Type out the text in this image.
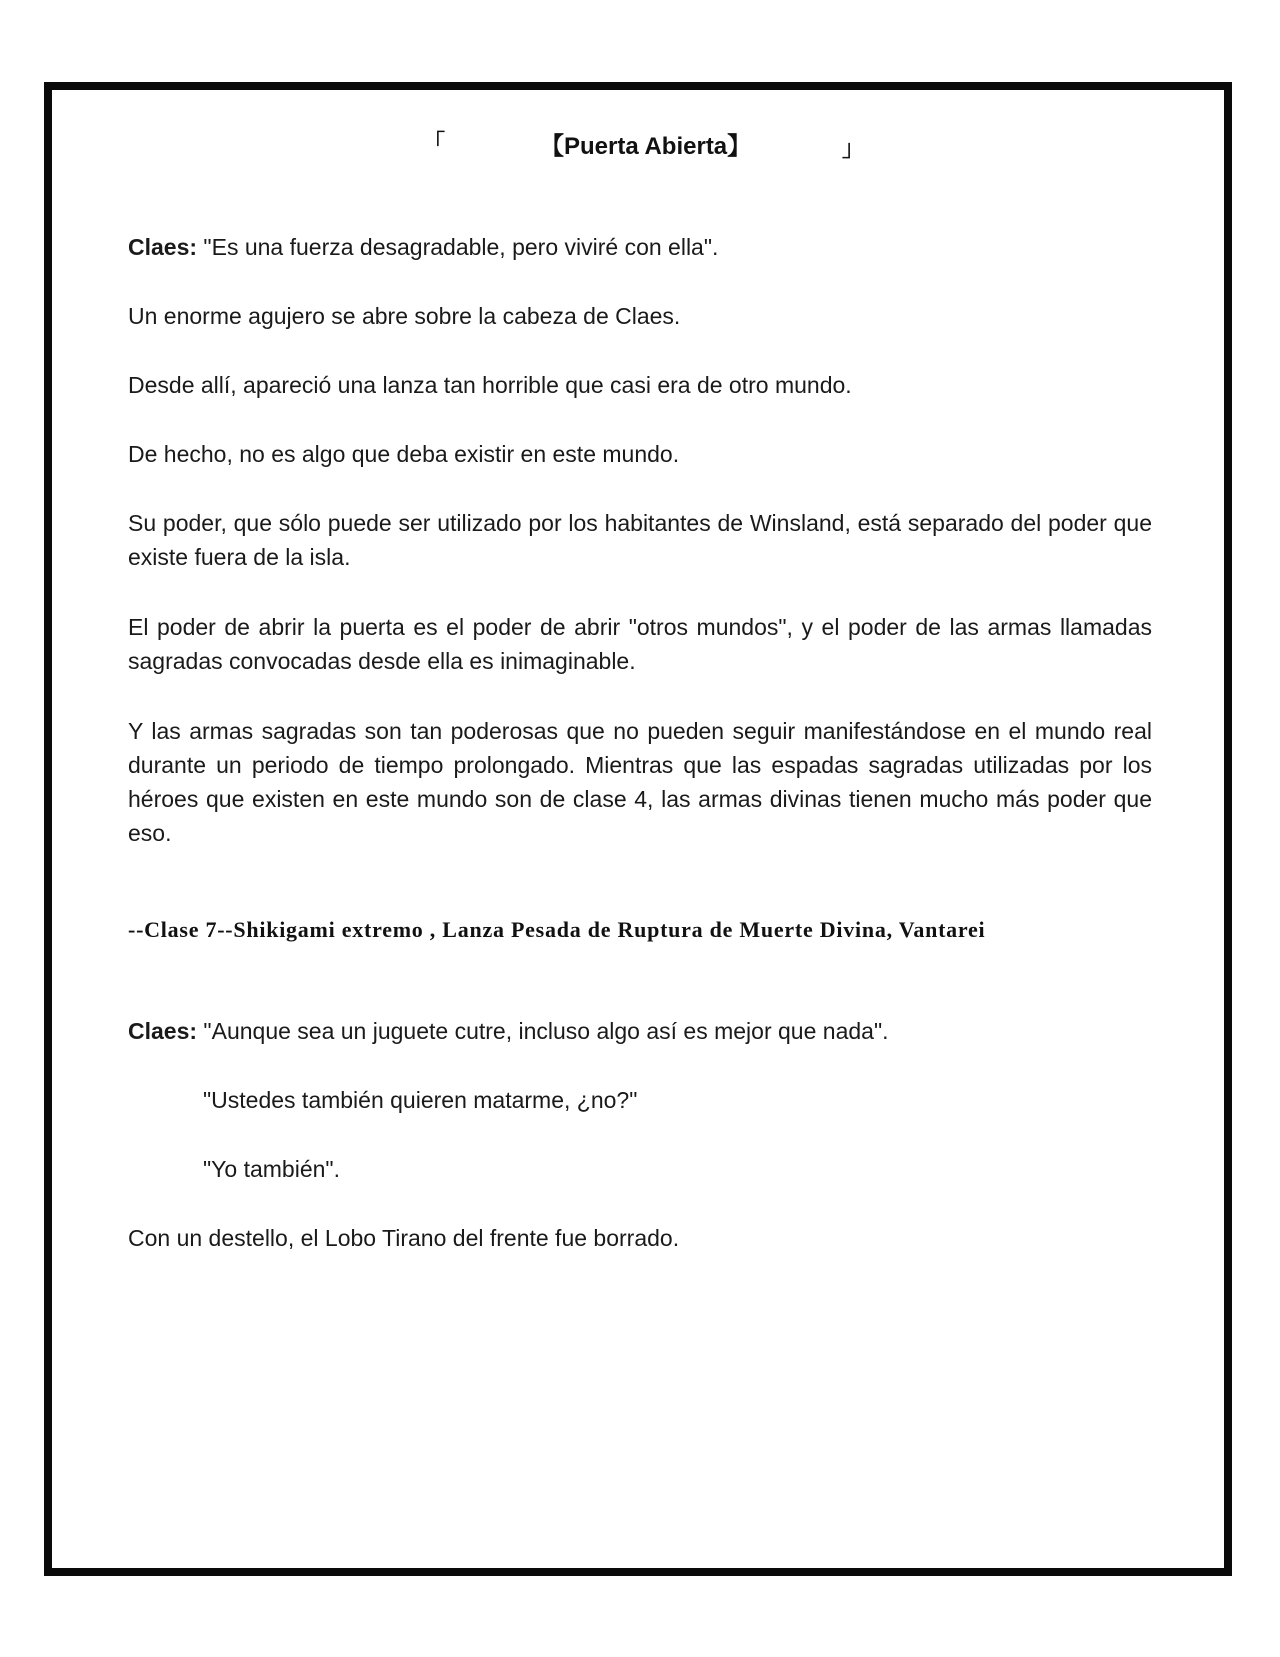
「	【Puerta Abierta】	」

Claes: "Es una fuerza desagradable, pero viviré con ella".

Un enorme agujero se abre sobre la cabeza de Claes.

Desde allí, apareció una lanza tan horrible que casi era de otro mundo.

De hecho, no es algo que deba existir en este mundo.

Su poder, que sólo puede ser utilizado por los habitantes de Winsland, está separado del poder que existe fuera de la isla.

El poder de abrir la puerta es el poder de abrir "otros mundos", y el poder de las armas llamadas sagradas convocadas desde ella es inimaginable.

Y las armas sagradas son tan poderosas que no pueden seguir manifestándose en el mundo real durante un periodo de tiempo prolongado. Mientras que las espadas sagradas utilizadas por los héroes que existen en este mundo son de clase 4, las armas divinas tienen mucho más poder que eso.

--Clase 7--Shikigami extremo , Lanza Pesada de Ruptura de Muerte Divina, Vantarei

Claes: "Aunque sea un juguete cutre, incluso algo así es mejor que nada".

"Ustedes también quieren matarme, ¿no?"

"Yo también".

Con un destello, el Lobo Tirano del frente fue borrado.
